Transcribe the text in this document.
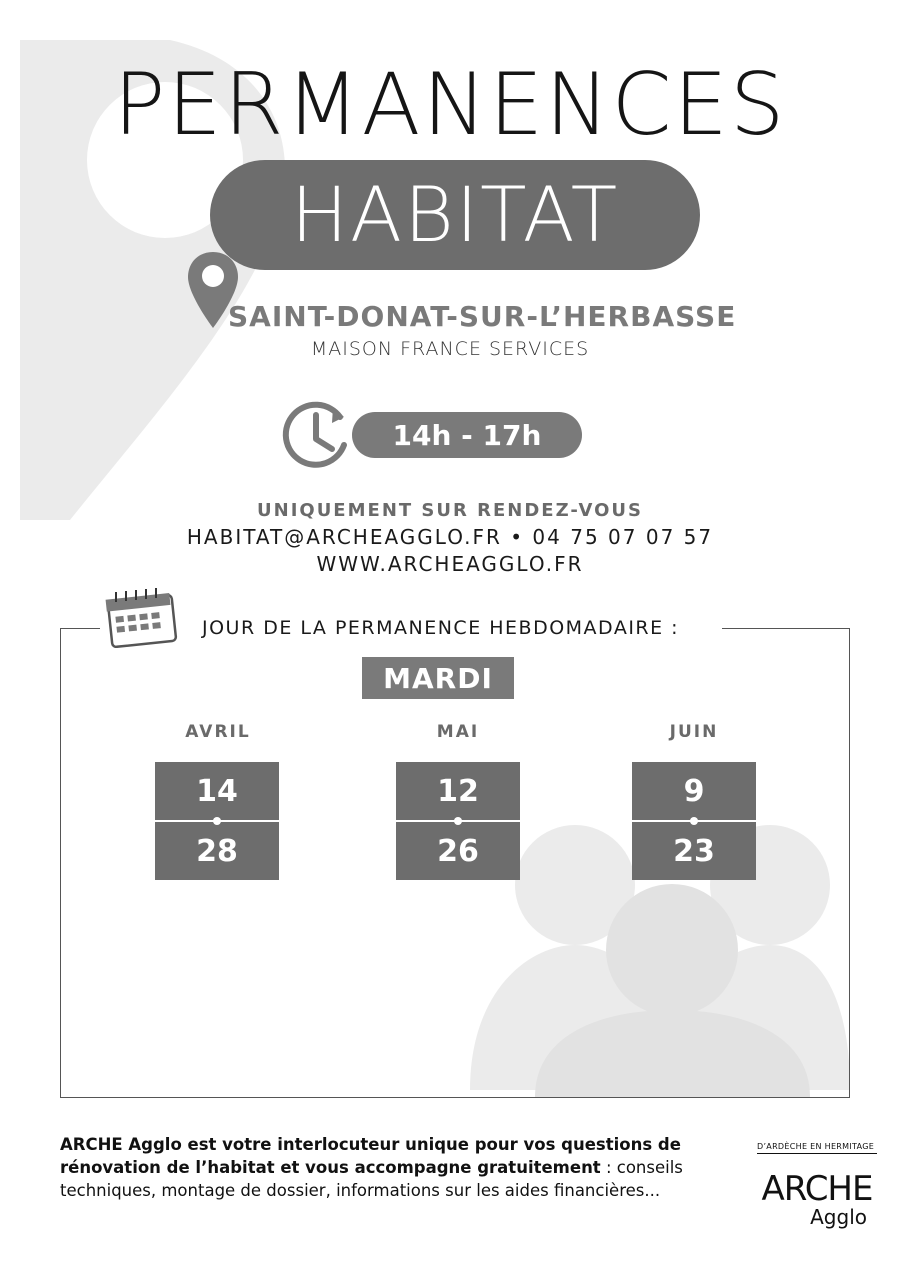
PERMANENCES
HABITAT
SAINT-DONAT-SUR-L’HERBASSE
MAISON FRANCE SERVICES
14h - 17h
UNIQUEMENT SUR RENDEZ-VOUS
HABITAT@ARCHEAGGLO.FR • 04 75 07 07 57
WWW.ARCHEAGGLO.FR
JOUR DE LA PERMANENCE HEBDOMADAIRE :
MARDI
AVRIL
14
28
MAI
12
26
JUIN
9
23
ARCHE Agglo est votre interlocuteur unique pour vos questions de rénovation de l’habitat et vous accompagne gratuitement : conseils techniques, montage de dossier, informations sur les aides financières...
D’ARDÈCHE EN HERMITAGE
ARCHE
Agglo
